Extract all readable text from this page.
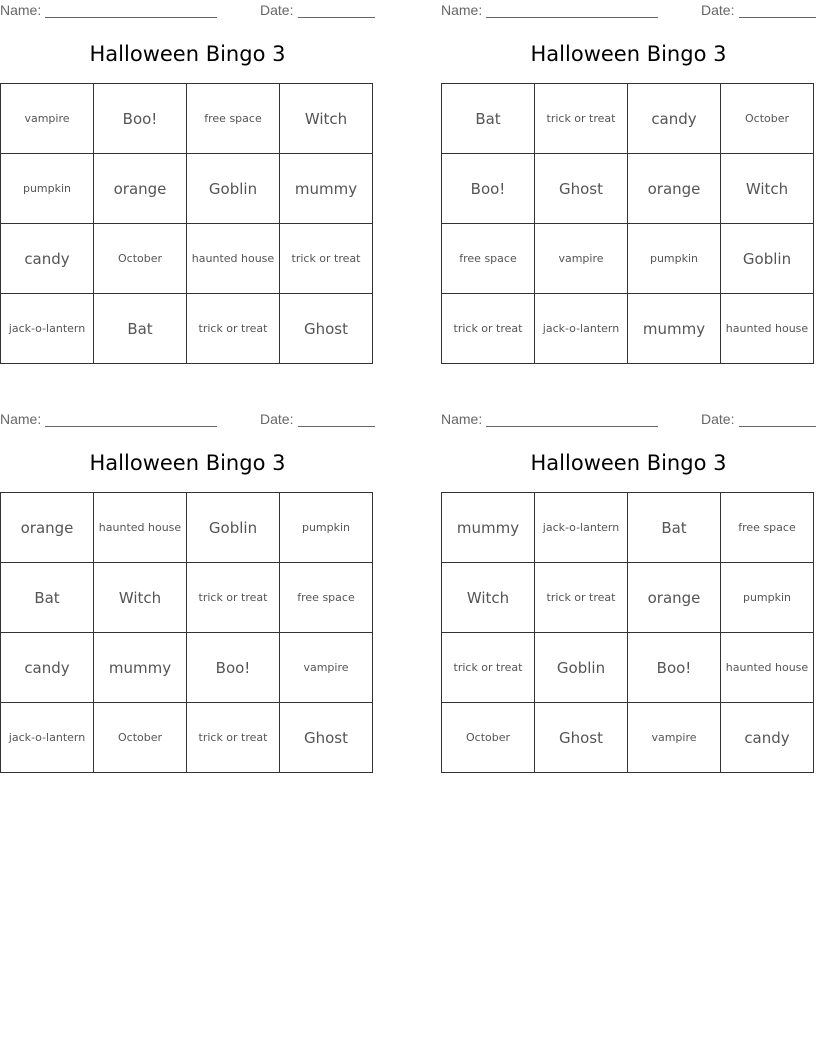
Name:	Date:
Halloween Bingo 3
vampire	Boo!	free space	Witch
pumpkin	orange	Goblin	mummy
candy	October	haunted house	trick or treat
jack-o-lantern	Bat	trick or treat	Ghost
Name:	Date:
Halloween Bingo 3
Bat	trick or treat	candy	October
Boo!	Ghost	orange	Witch
free space	vampire	pumpkin	Goblin
trick or treat	jack-o-lantern	mummy	haunted house
Name:	Date:
Halloween Bingo 3
orange	haunted house	Goblin	pumpkin
Bat	Witch	trick or treat	free space
candy	mummy	Boo!	vampire
jack-o-lantern	October	trick or treat	Ghost
Name:	Date:
Halloween Bingo 3
mummy	jack-o-lantern	Bat	free space
Witch	trick or treat	orange	pumpkin
trick or treat	Goblin	Boo!	haunted house
October	Ghost	vampire	candy
